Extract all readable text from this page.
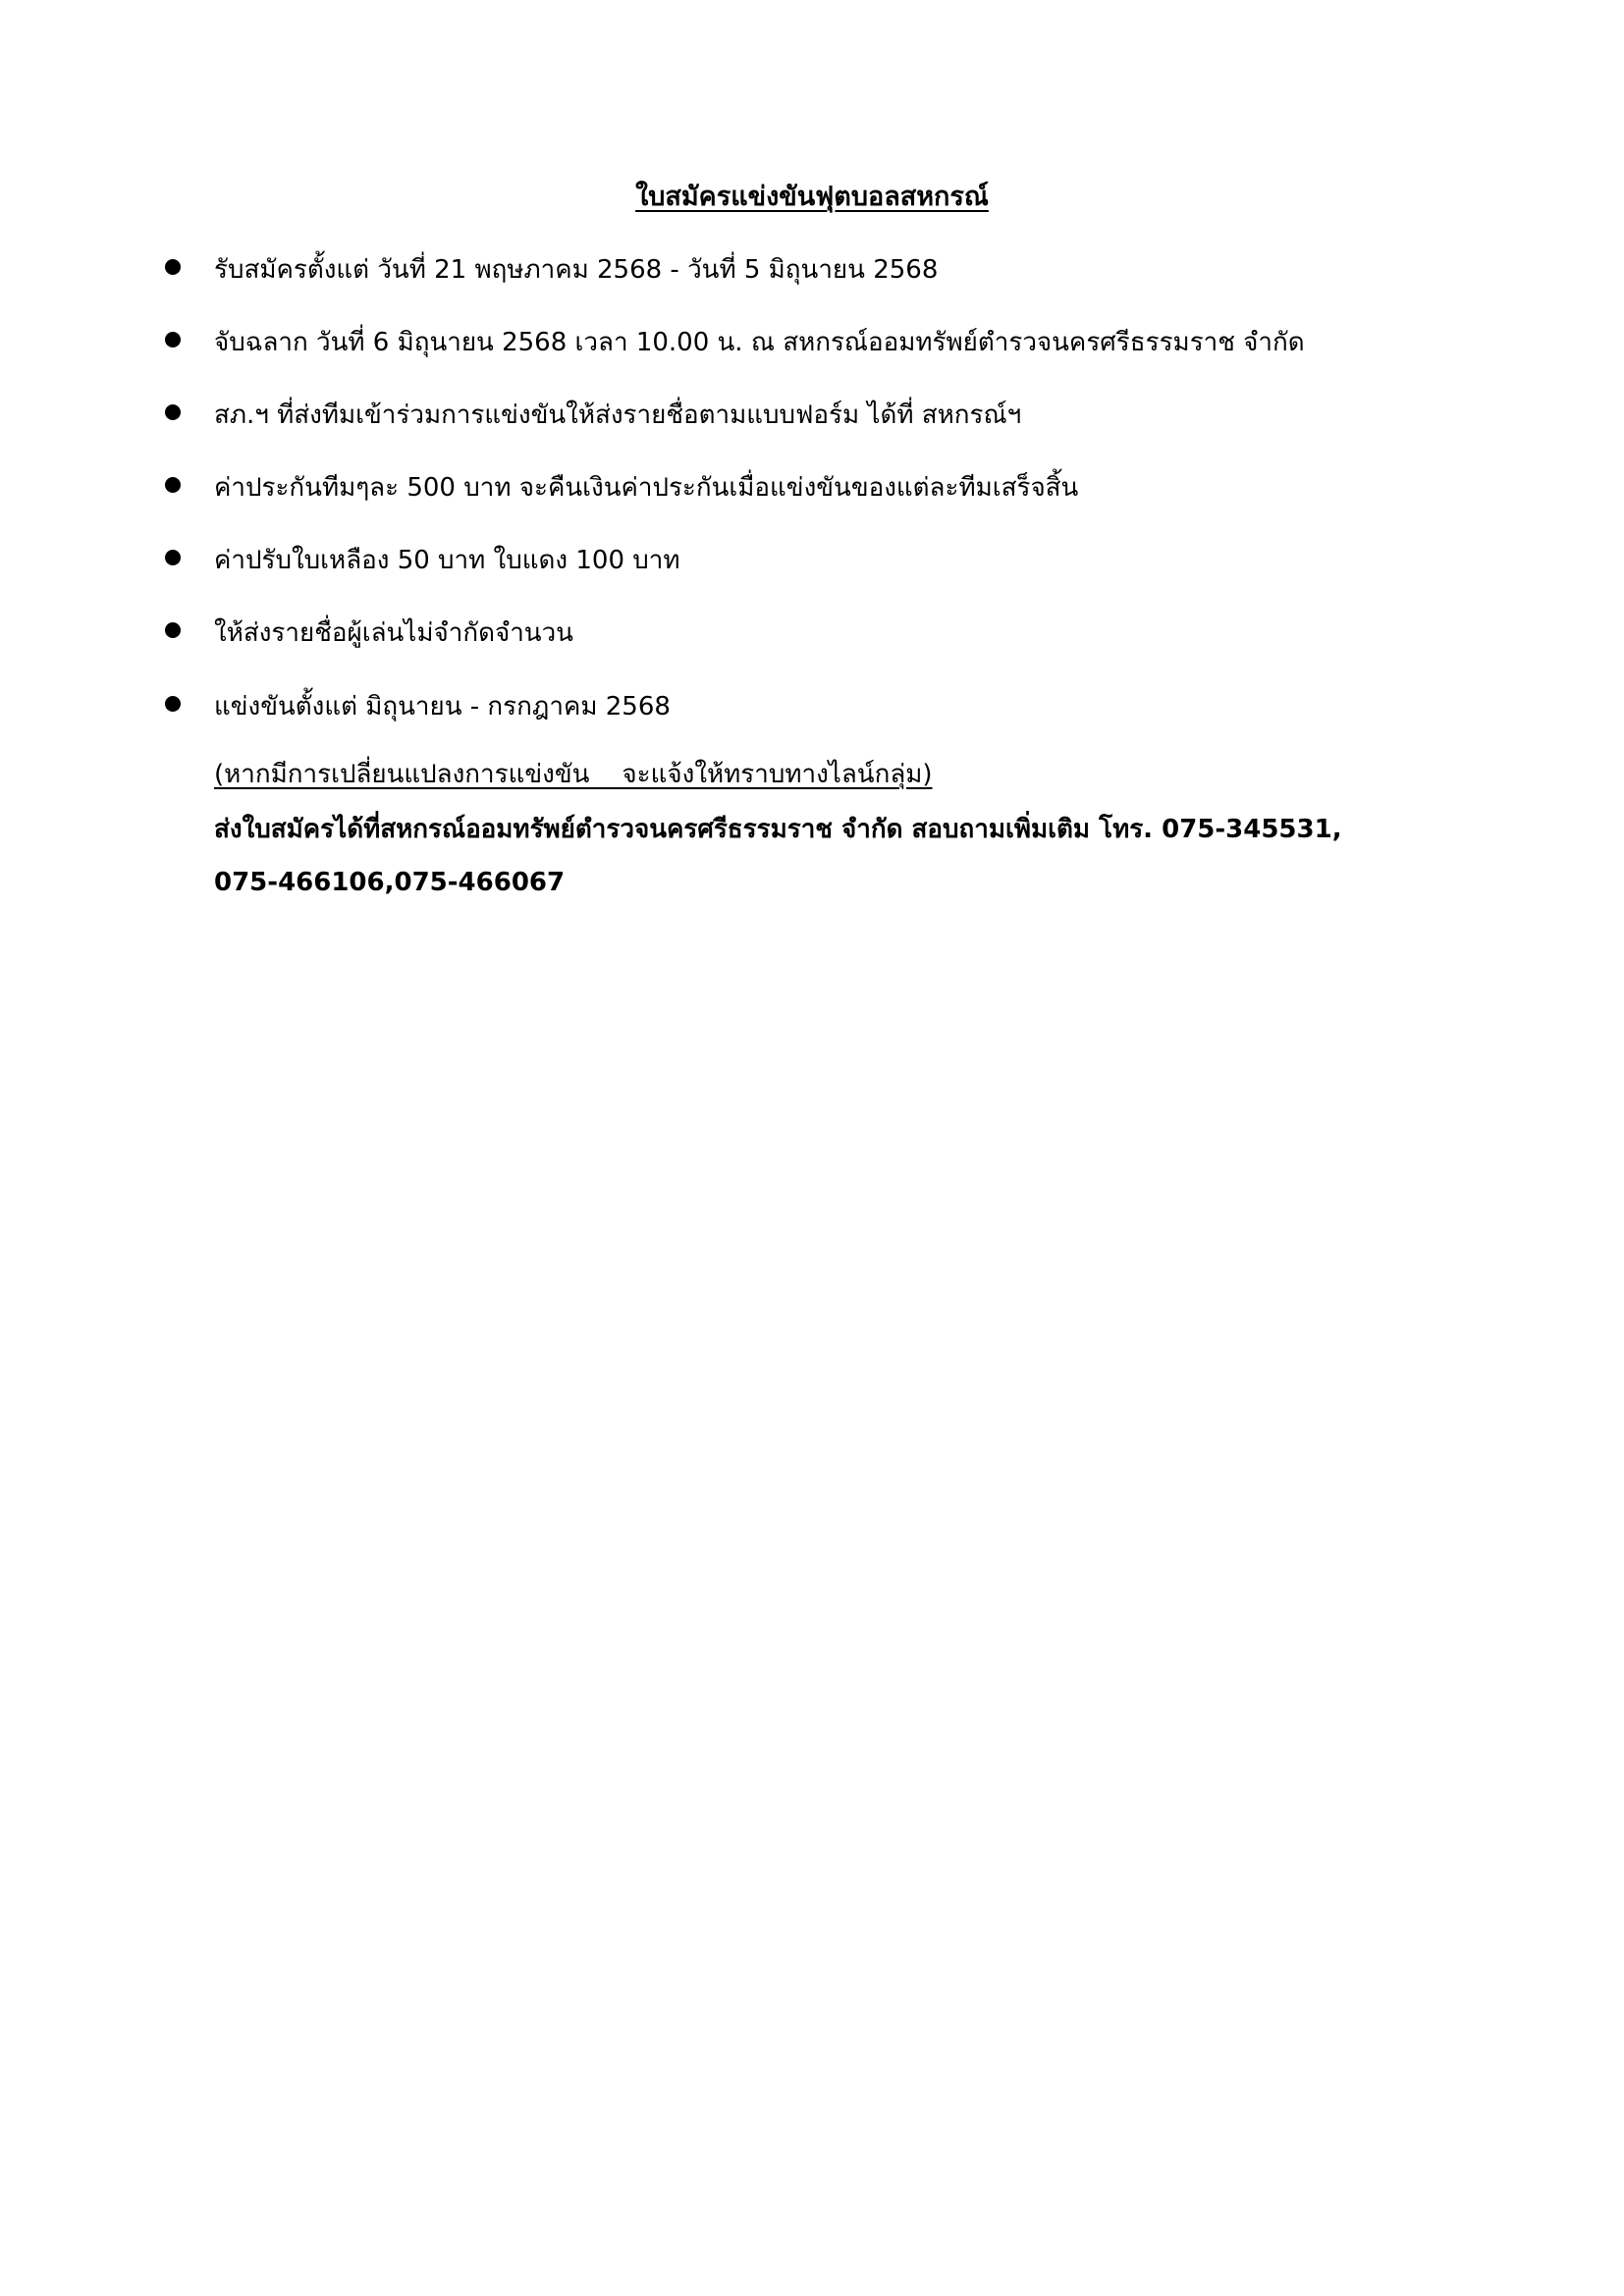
ใบสมัครแข่งขันฟุตบอลสหกรณ์
รับสมัครตั้งแต่ วันที่ 21 พฤษภาคม 2568 - วันที่ 5 มิถุนายน 2568
จับฉลาก วันที่ 6 มิถุนายน 2568 เวลา 10.00 น. ณ สหกรณ์ออมทรัพย์ตำรวจนครศรีธรรมราช จำกัด
สภ.ฯ ที่ส่งทีมเข้าร่วมการแข่งขันให้ส่งรายชื่อตามแบบฟอร์ม ได้ที่ สหกรณ์ฯ
ค่าประกันทีมๆละ 500 บาท จะคืนเงินค่าประกันเมื่อแข่งขันของแต่ละทีมเสร็จสิ้น
ค่าปรับใบเหลือง 50 บาท ใบแดง 100 บาท
ให้ส่งรายชื่อผู้เล่นไม่จำกัดจำนวน
แข่งขันตั้งแต่ มิถุนายน - กรกฎาคม 2568
(หากมีการเปลี่ยนแปลงการแข่งขัน    จะแจ้งให้ทราบทางไลน์กลุ่ม)
ส่งใบสมัครได้ที่สหกรณ์ออมทรัพย์ตำรวจนครศรีธรรมราช จำกัด สอบถามเพิ่มเติม โทร. 075-345531,
075-466106,075-466067
